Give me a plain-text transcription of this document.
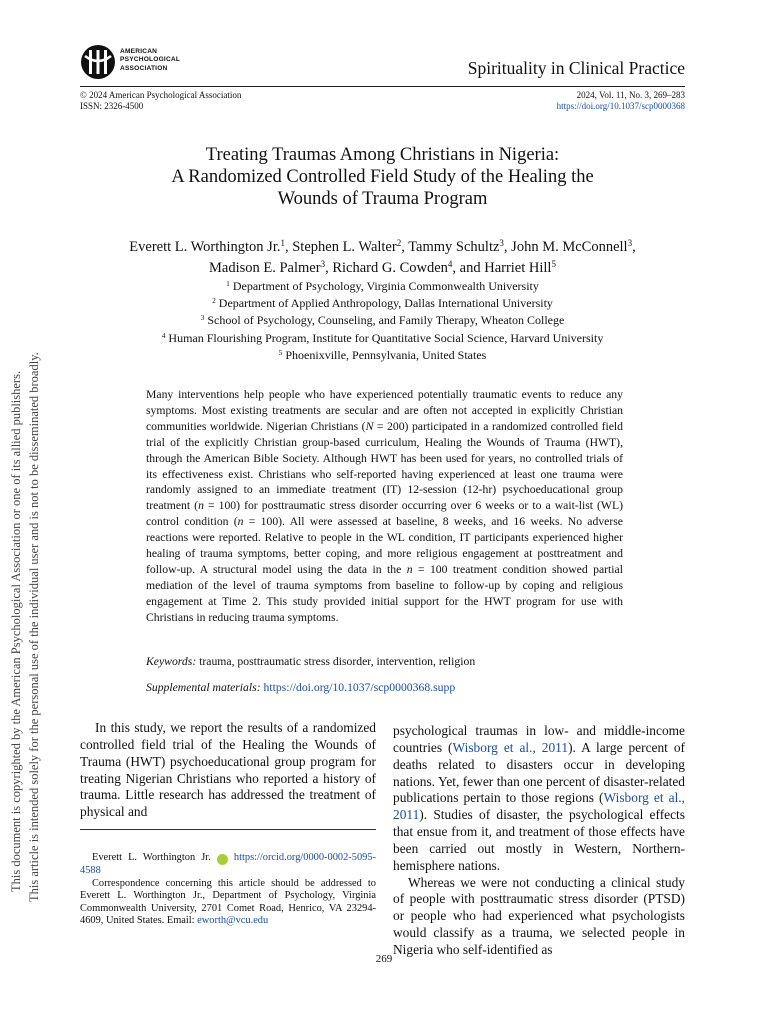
This document is copyrighted by the American Psychological Association or one of its allied publishers. This article is intended solely for the personal use of the individual user and is not to be disseminated broadly.
AMERICAN
PSYCHOLOGICAL
ASSOCIATION	Spirituality in Clinical Practice
© 2024 American Psychological Association
ISSN: 2326-4500
2024, Vol. 11, No. 3, 269–283
https://doi.org/10.1037/scp0000368
Treating Traumas Among Christians in Nigeria:
A Randomized Controlled Field Study of the Healing the
Wounds of Trauma Program
Everett L. Worthington Jr.$^1$, Stephen L. Walter$^2$, Tammy Schultz$^3$, John M. McConnell$^3$,
Madison E. Palmer$^3$, Richard G. Cowden$^4$, and Harriet Hill$^5$
$^1$ Department of Psychology, Virginia Commonwealth University
$^2$ Department of Applied Anthropology, Dallas International University
$^3$ School of Psychology, Counseling, and Family Therapy, Wheaton College
$^4$ Human Flourishing Program, Institute for Quantitative Social Science, Harvard University
$^5$ Phoenixville, Pennsylvania, United States
Many interventions help people who have experienced potentially traumatic events to reduce any symptoms. Most existing treatments are secular and are often not accepted in explicitly Christian communities worldwide. Nigerian Christians (N = 200) participated in a randomized controlled field trial of the explicitly Christian group-based curriculum, Healing the Wounds of Trauma (HWT), through the American Bible Society. Although HWT has been used for years, no controlled trials of its effectiveness exist. Christians who self-reported having experienced at least one trauma were randomly assigned to an immediate treatment (IT) 12-session (12-hr) psychoeducational group treatment (n = 100) for posttraumatic stress disorder occurring over 6 weeks or to a wait-list (WL) control condition (n = 100). All were assessed at baseline, 8 weeks, and 16 weeks. No adverse reactions were reported. Relative to people in the WL condition, IT participants experienced higher healing of trauma symptoms, better coping, and more religious engagement at posttreatment and follow-up. A structural model using the data in the n = 100 treatment condition showed partial mediation of the level of trauma symptoms from baseline to follow-up by coping and religious engagement at Time 2. This study provided initial support for the HWT program for use with Christians in reducing trauma symptoms.
Keywords: trauma, posttraumatic stress disorder, intervention, religion
Supplemental materials: https://doi.org/10.1037/scp0000368.supp

In this study, we report the results of a randomized controlled field trial of the Healing the Wounds of Trauma (HWT) psychoeducational group program for treating Nigerian Christians who reported a history of trauma. Little research has addressed the treatment of physical and

Everett L. Worthington Jr.	iD https://orcid.org/0000-0002-5095-4588

Correspondence concerning this article should be addressed to Everett L. Worthington Jr., Department of Psychology, Virginia Commonwealth University, 2701 Comet Road, Henrico, VA 23294-4609, United States. Email: eworth@vcu.edu

psychological traumas in low- and middle-income countries (Wisborg et al., 2011). A large percent of deaths related to disasters occur in developing nations. Yet, fewer than one percent of disaster-related publications pertain to those regions (Wisborg et al., 2011). Studies of disaster, the psychological effects that ensue from it, and treatment of those effects have been carried out mostly in Western, Northern-hemisphere nations.

Whereas we were not conducting a clinical study of people with posttraumatic stress disorder (PTSD) or people who had experienced what psychologists would classify as a trauma, we selected people in Nigeria who self-identified as

269
